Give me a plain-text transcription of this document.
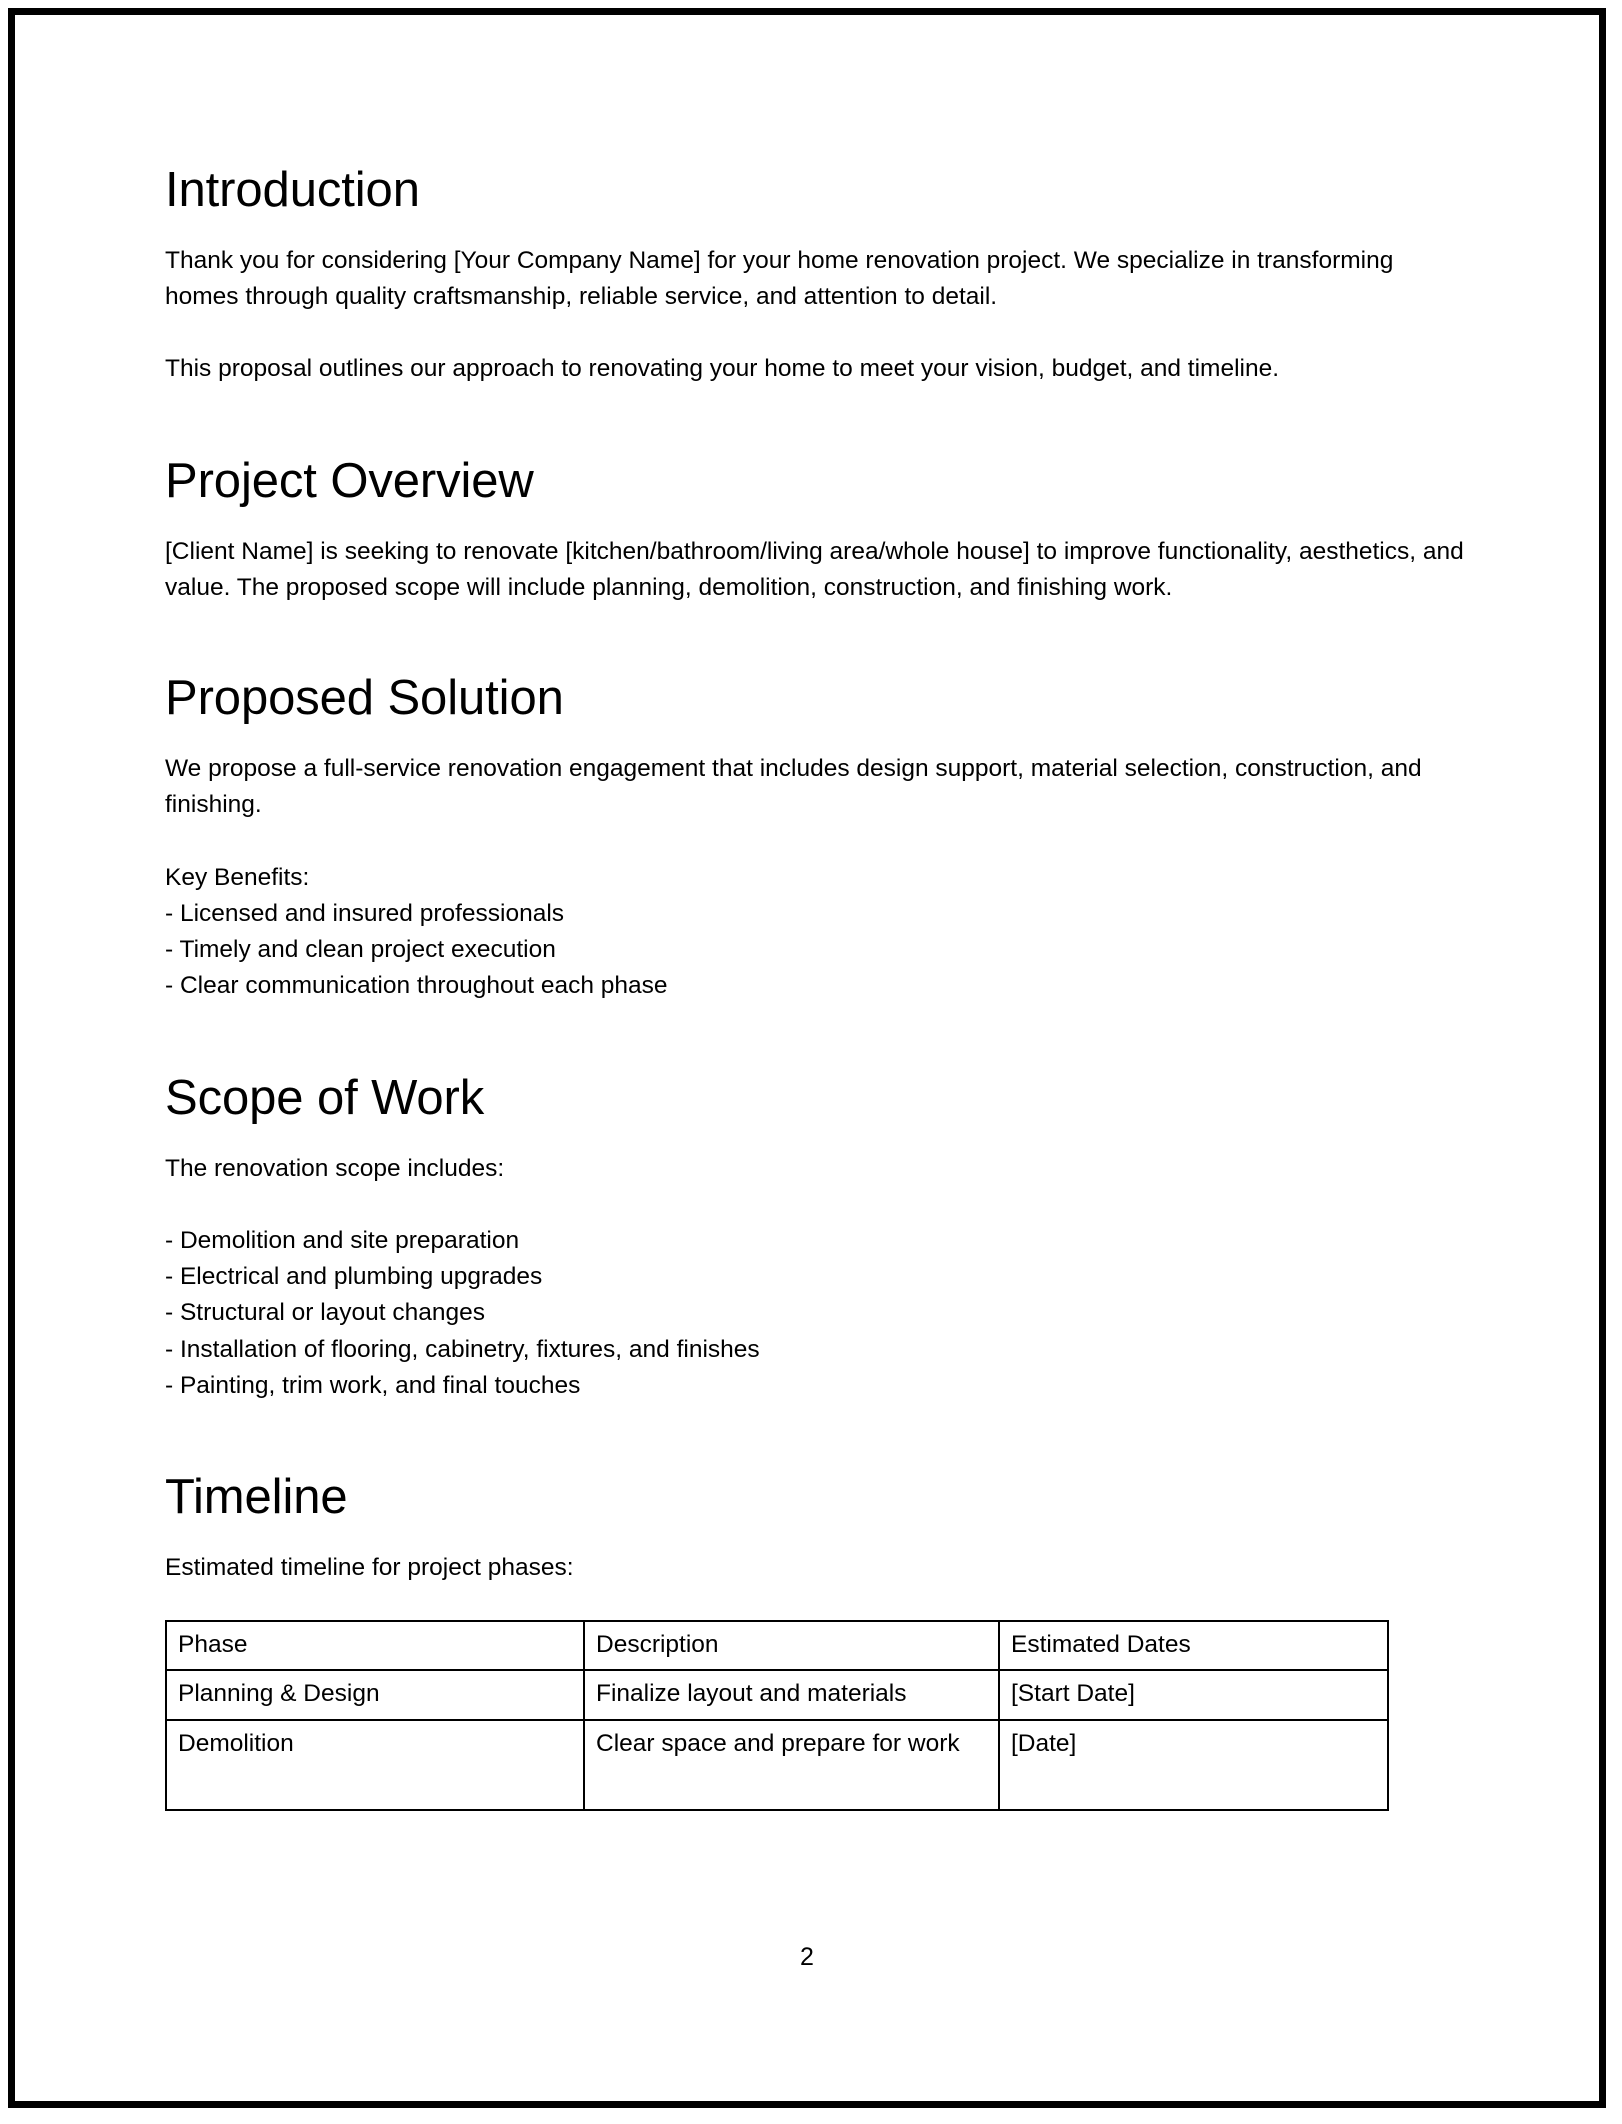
Introduction

Thank you for considering [Your Company Name] for your home renovation project. We specialize in transforming homes through quality craftsmanship, reliable service, and attention to detail.

This proposal outlines our approach to renovating your home to meet your vision, budget, and timeline.

Project Overview

[Client Name] is seeking to renovate [kitchen/bathroom/living area/whole house] to improve functionality, aesthetics, and value. The proposed scope will include planning, demolition, construction, and finishing work.

Proposed Solution

We propose a full-service renovation engagement that includes design support, material selection, construction, and finishing.

Key Benefits:

- Licensed and insured professionals

- Timely and clean project execution

- Clear communication throughout each phase

Scope of Work

The renovation scope includes:

- Demolition and site preparation

- Electrical and plumbing upgrades

- Structural or layout changes

- Installation of flooring, cabinetry, fixtures, and finishes

- Painting, trim work, and final touches

Timeline

Estimated timeline for project phases:

Phase	Description	Estimated Dates
Planning & Design	Finalize layout and materials	[Start Date]
Demolition	Clear space and prepare for work	[Date]
2
